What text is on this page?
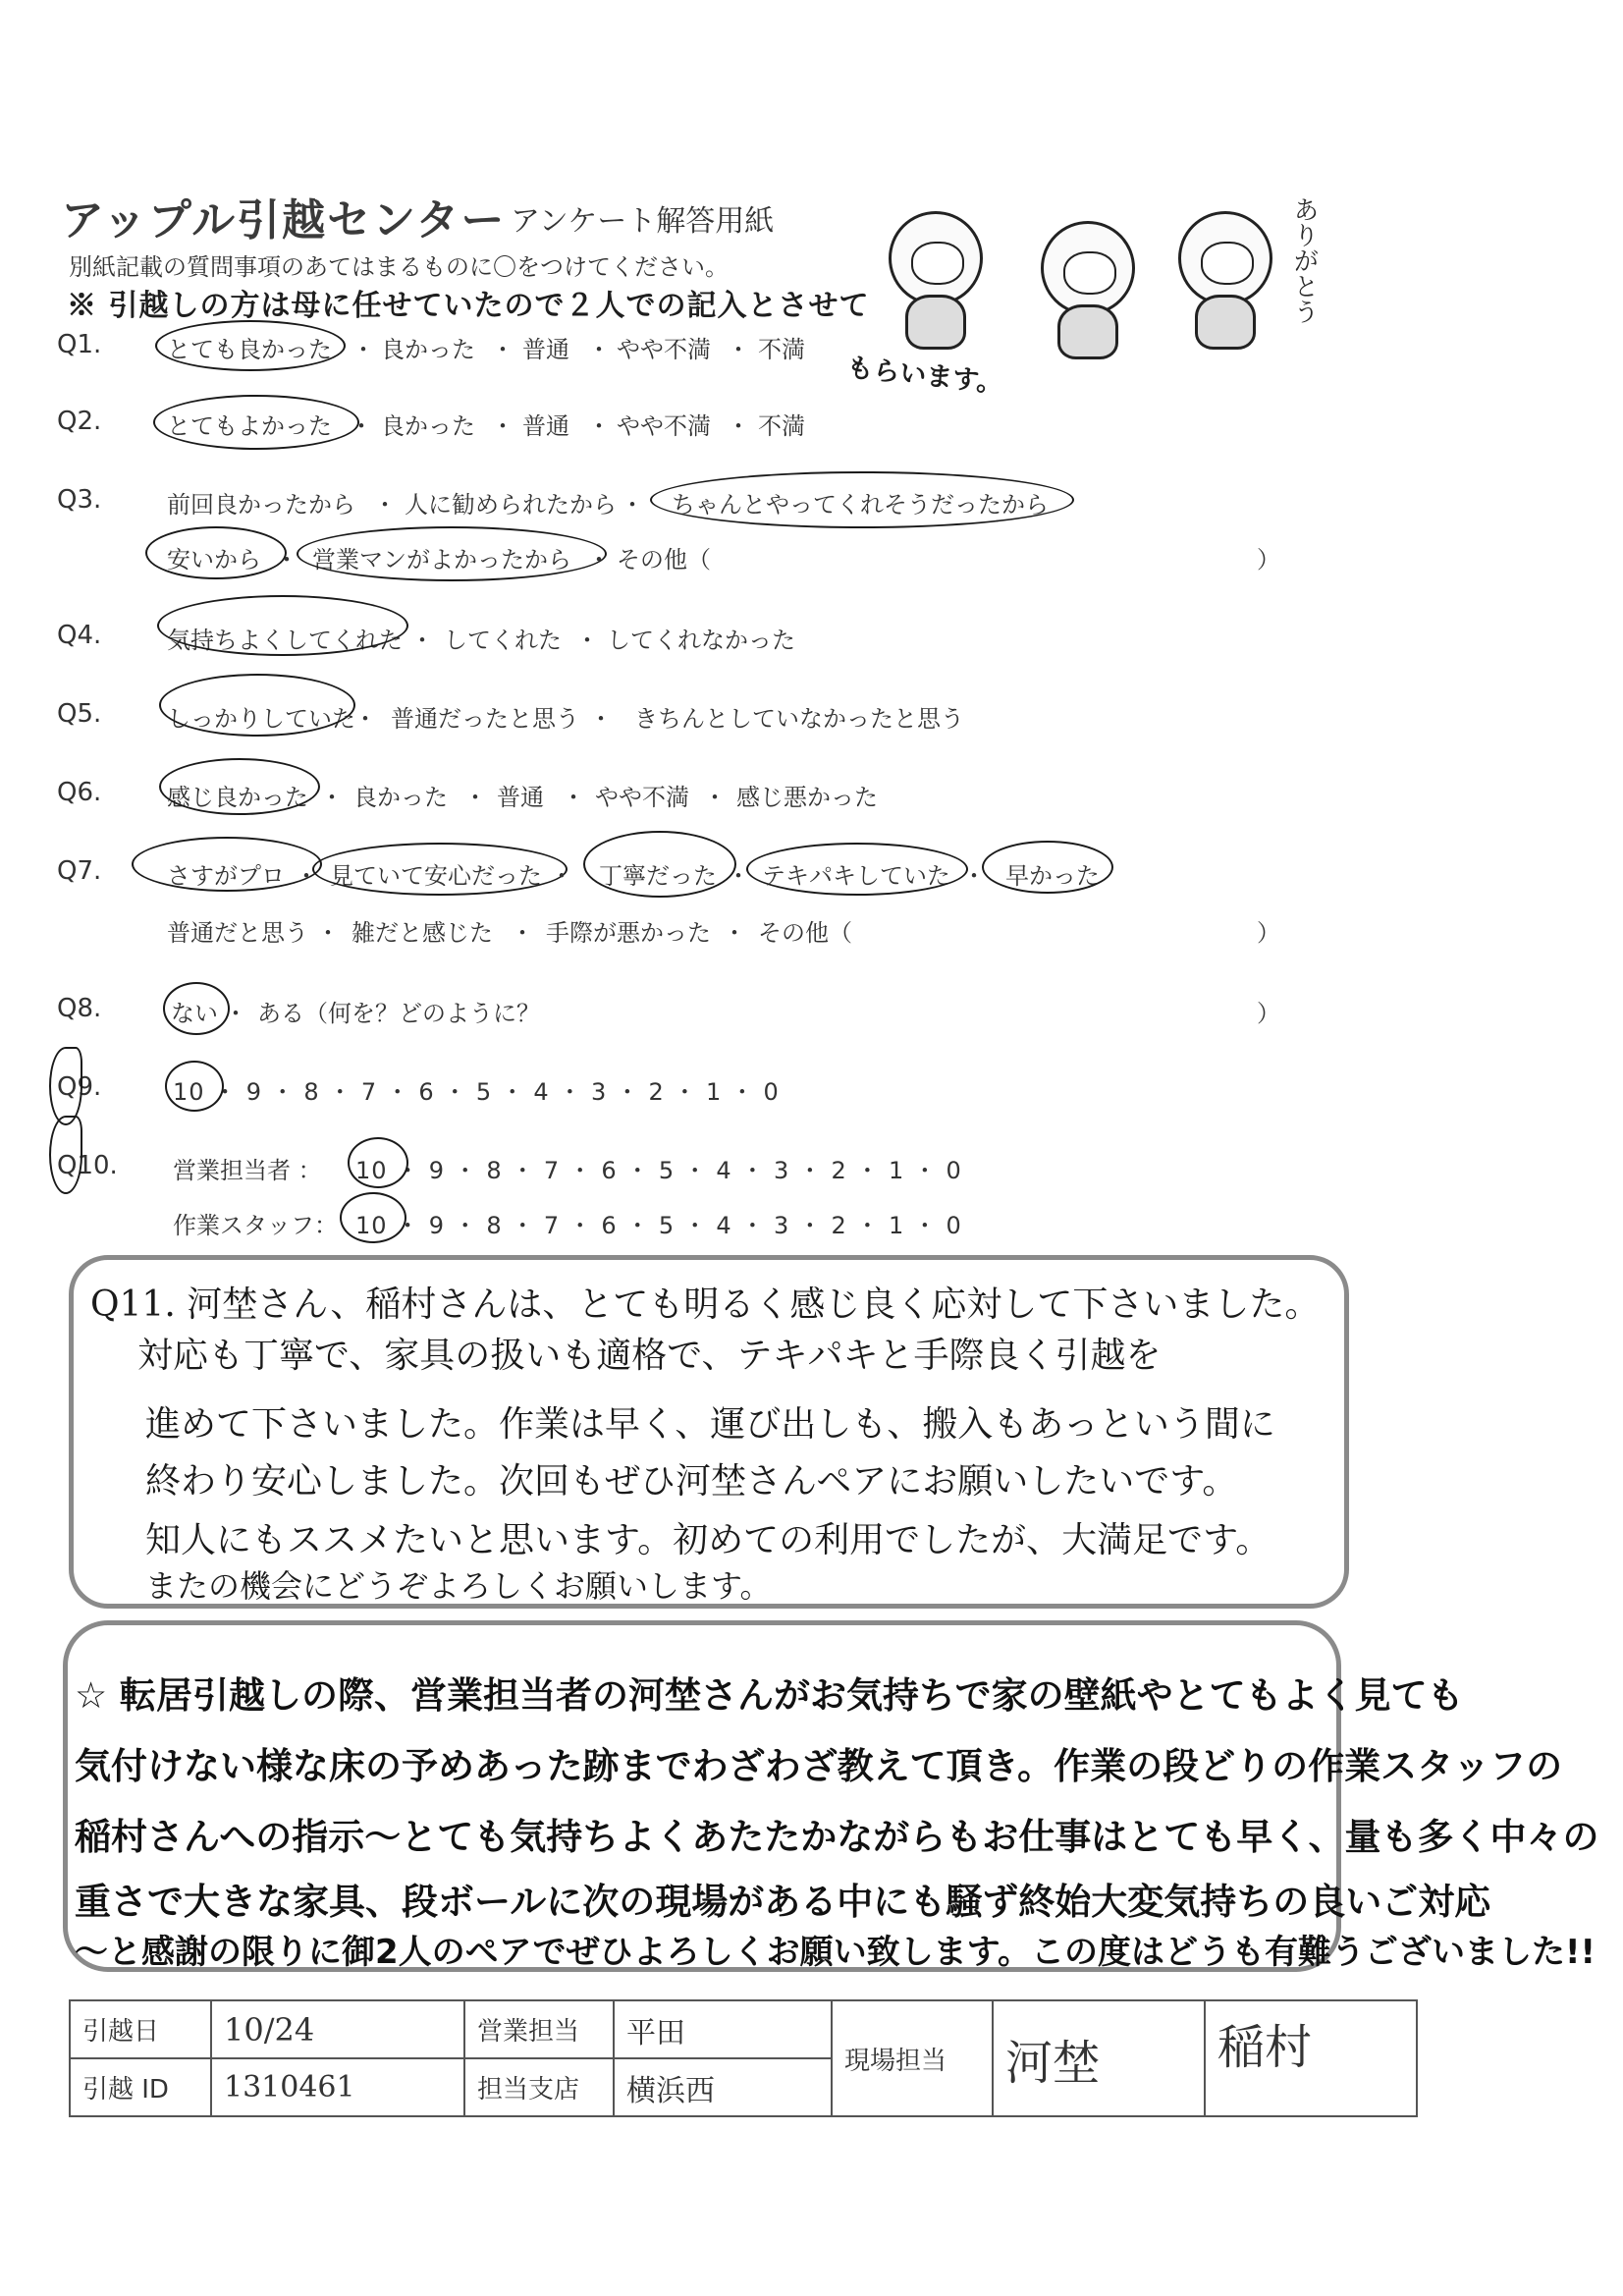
アップル引越センター アンケート解答用紙
別紙記載の質問事項のあてはまるものに〇をつけてください。	ありがとう
※ 引越しの方は母に任せていたので２人での記入とさせて
もらいます。
Q1.	とても良かった ・ 良かった ・ 普通 ・ やや不満 ・ 不満
Q2.	とてもよかった ・ 良かった ・ 普通 ・ やや不満 ・ 不満
Q3.	前回良かったから ・ 人に勧められたから ・ ちゃんとやってくれそうだったから
安いから ・ 営業マンがよかったから ・ その他（	）
Q4.	気持ちよくしてくれた ・ してくれた ・ してくれなかった
Q5.	しっかりしていた
・ 普通だったと思う ・ きちんとしていなかったと思う
Q6.	感じ良かった ・ 良かった ・ 普通 ・ やや不満 ・ 感じ悪かった
Q7.	さすがプロ ・ 見ていて安心だった ・ 丁寧だった ・ テキパキしていた ・ 早かった
普通だと思う ・ 雑だと感じた ・ 手際が悪かった ・ その他（	）
Q8.	ない ・ ある（何を？どのように？	）
Q9.	10 ・ 9 ・ 8 ・ 7 ・ 6 ・ 5 ・ 4 ・ 3 ・ 2 ・ 1 ・ 0
Q10. 営業担当者 ： 10 ・ 9 ・ 8 ・ 7 ・ 6 ・ 5 ・ 4 ・ 3 ・ 2 ・ 1 ・ 0
作業スタッフ： 10 ・ 9 ・ 8 ・ 7 ・ 6 ・ 5 ・ 4 ・ 3 ・ 2 ・ 1 ・ 0
Q11. 河埜さん、稲村さんは、とても明るく感じ良く応対して下さいました。
対応も丁寧で、家具の扱いも適格で、テキパキと手際良く引越を
進めて下さいました。作業は早く、運び出しも、搬入もあっという間に
終わり安心しました。次回もぜひ河埜さんペアにお願いしたいです。
知人にもススメたいと思います。初めての利用でしたが、大満足です。
またの機会にどうぞよろしくお願いします。
☆ 転居引越しの際、営業担当者の河埜さんがお気持ちで家の壁紙やとてもよく見ても
気付けない様な床の予めあった跡までわざわざ教えて頂き。作業の段どりの作業スタッフの
稲村さんへの指示〜とても気持ちよくあたたかながらもお仕事はとても早く、量も多く中々の
重さで大きな家具、段ボールに次の現場がある中にも騒ず終始大変気持ちの良いご対応
〜と感謝の限りに御2人のペアでぜひよろしくお願い致します。この度はどうも有難うございました!!
引越日	10/24	営業担当	平田	現場担当	河埜	稲村
引越 ID	1310461	担当支店	横浜西			
